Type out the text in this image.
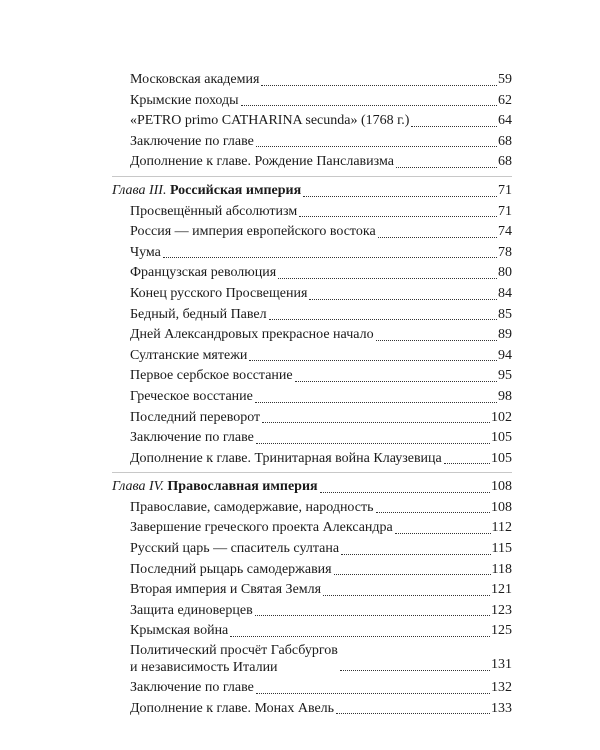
Московская академия	59
Крымские походы	62
«PETRO primo CATHARINA secunda» (1768 г.)	64
Заключение по главе	68
Дополнение к главе. Рождение Панславизма	68
Глава III. Российская империя	71
Просвещённый абсолютизм	71
Россия — империя европейского востока	74
Чума	78
Французская революция	80
Конец русского Просвещения	84
Бедный, бедный Павел	85
Дней Александровых прекрасное начало	89
Султанские мятежи	94
Первое сербское восстание	95
Греческое восстание	98
Последний переворот	102
Заключение по главе	105
Дополнение к главе. Тринитарная война Клаузевица	105
Глава IV. Православная империя	108
Православие, самодержавие, народность	108
Завершение греческого проекта Александра	112
Русский царь — спаситель султана	115
Последний рыцарь самодержавия	118
Вторая империя и Святая Земля	121
Защита единоверцев	123
Крымская война	125
Политический просчёт Габсбургов
и независимость Италии	131
Заключение по главе	132
Дополнение к главе. Монах Авель	133
